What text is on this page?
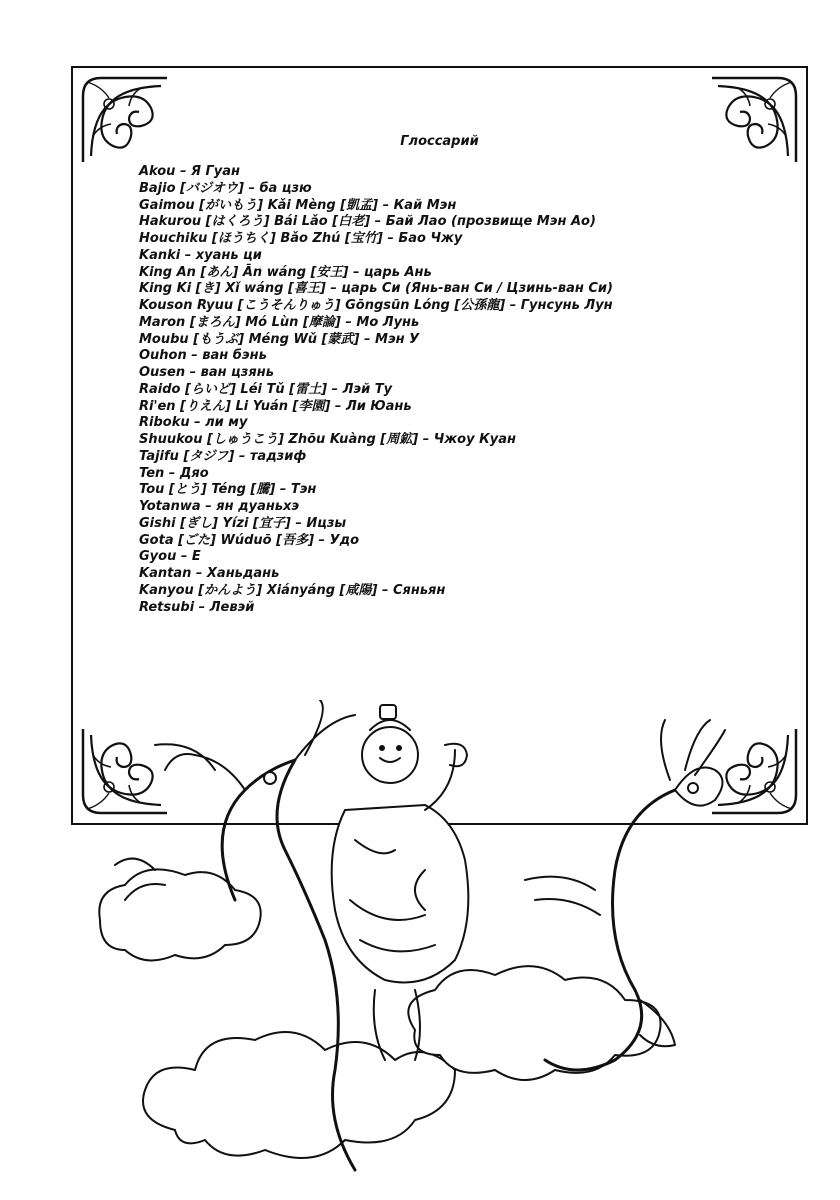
Глоссарий
Akou – Я Гуан
Bajio [バジオウ] – ба цзю
Gaimou [がいもう] Kǎi Mèng [凱孟] – Кай Мэн
Hakurou [はくろう] Bái Lǎo [白老] – Бай Лао (прозвище Мэн Ао)
Houchiku [ほうちく] Bǎo Zhú [宝竹] – Бао Чжу
Kanki – хуань ци
King An [あん] Ān wáng [安王] – царь Ань
King Ki [き] Xǐ wáng [喜王] – царь Си (Янь-ван Си / Цзинь-ван Си)
Kouson Ryuu [こうそんりゅう] Gōngsūn Lóng [公孫龍] – Гунсунь Лун
Maron [まろん] Mó Lùn [摩論] – Мо Лунь
Moubu [もうぶ] Méng Wǔ [蒙武] – Мэн У
Ouhon – ван бэнь
Ousen – ван цзянь
Raido [らいど] Léi Tǔ [雷土] – Лэй Ту
Ri'en [りえん] Li Yuán [李園] – Ли Юань
Riboku – ли му
Shuukou [しゅうこう] Zhōu Kuàng [周鉱] – Чжоу Куан
Tajifu [タジフ] – тадзиф
Ten – Дяо
Tou [とう] Téng [騰] – Тэн
Yotanwa – ян дуаньхэ
Gishi [ぎし] Yízi [宜子] – Ицзы
Gota [ごた] Wúduō [吾多] – Удо
Gyou – Е
Kantan – Ханьдань
Kanyou [かんよう] Xiányáng [咸陽] – Сяньян
Retsubi – Левэй
